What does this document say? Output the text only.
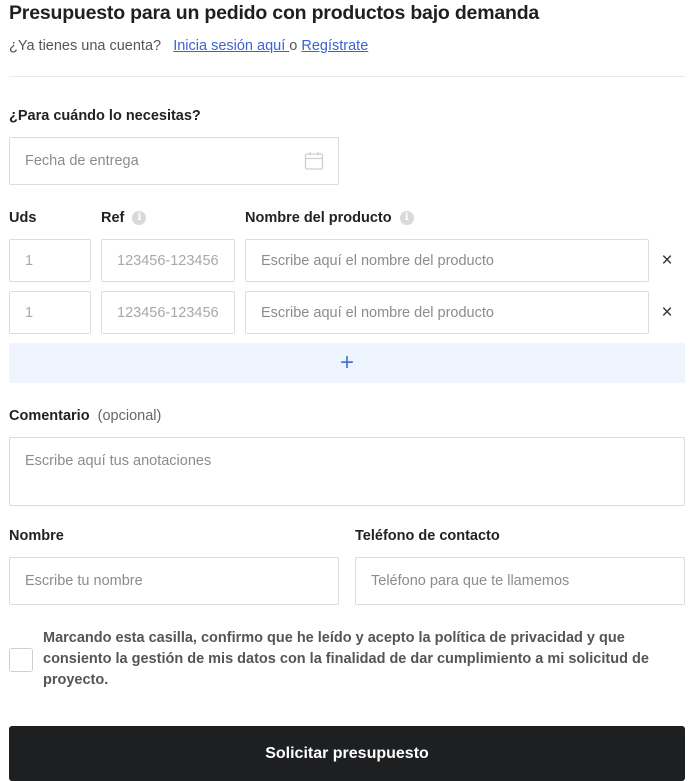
Presupuesto para un pedido con productos bajo demanda
¿Ya tienes una cuenta? Inicia sesión aquí o Regístrate
¿Para cuándo lo necesitas?
Fecha de entrega
Uds	Ref i	Nombre del producto i
1	123456-123456	Escribe aquí el nombre del producto	×
1	123456-123456	Escribe aquí el nombre del producto	×
+
Comentario (opcional)
Escribe aquí tus anotaciones
Nombre
Escribe tu nombre
Teléfono de contacto
Teléfono para que te llamemos
Marcando esta casilla, confirmo que he leído y acepto la política de privacidad y que consiento la gestión de mis datos con la finalidad de dar cumplimiento a mi solicitud de proyecto.
Solicitar presupuesto
